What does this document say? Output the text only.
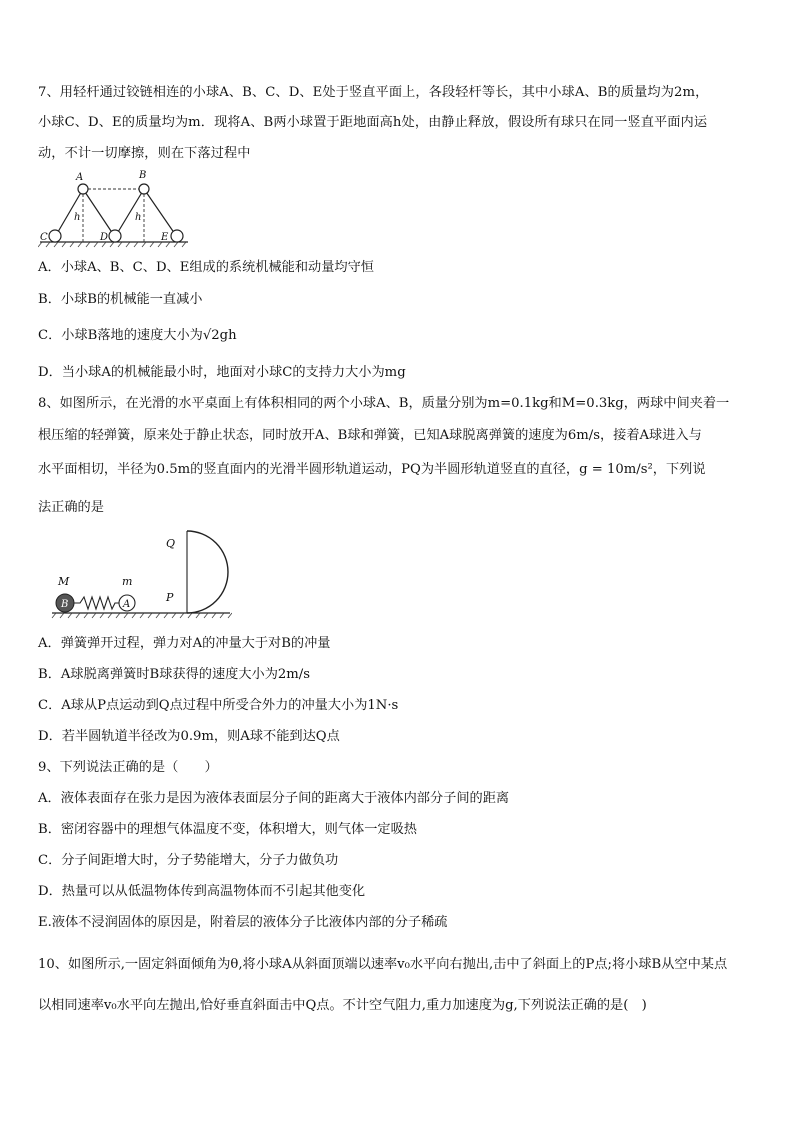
7、用轻杆通过铰链相连的小球A、B、C、D、E处于竖直平面上，各段轻杆等长，其中小球A、B的质量均为2m，
小球C、D、E的质量均为m．现将A、B两小球置于距地面高h处，由静止释放，假设所有球只在同一竖直平面内运
动，不计一切摩擦，则在下落过程中
A	B
C	D	E
h	h
A．小球A、B、C、D、E组成的系统机械能和动量均守恒
B．小球B的机械能一直减小
C．小球B落地的速度大小为√2gh
D．当小球A的机械能最小时，地面对小球C的支持力大小为mg
8、如图所示，在光滑的水平桌面上有体积相同的两个小球A、B，质量分别为m=0.1kg和M=0.3kg，两球中间夹着一
根压缩的轻弹簧，原来处于静止状态，同时放开A、B球和弹簧，已知A球脱离弹簧的速度为6m/s，接着A球进入与
水平面相切，半径为0.5m的竖直面内的光滑半圆形轨道运动，PQ为半圆形轨道竖直的直径，g = 10m/s²，下列说
法正确的是
B	A
M	m
Q
P
A．弹簧弹开过程，弹力对A的冲量大于对B的冲量
B．A球脱离弹簧时B球获得的速度大小为2m/s
C．A球从P点运动到Q点过程中所受合外力的冲量大小为1N·s
D．若半圆轨道半径改为0.9m，则A球不能到达Q点
9、下列说法正确的是（　　）
A．液体表面存在张力是因为液体表面层分子间的距离大于液体内部分子间的距离
B．密闭容器中的理想气体温度不变，体积增大，则气体一定吸热
C．分子间距增大时，分子势能增大，分子力做负功
D．热量可以从低温物体传到高温物体而不引起其他变化
E.液体不浸润固体的原因是，附着层的液体分子比液体内部的分子稀疏
10、如图所示,一固定斜面倾角为θ,将小球A从斜面顶端以速率v₀水平向右抛出,击中了斜面上的P点;将小球B从空中某点
以相同速率v₀水平向左抛出,恰好垂直斜面击中Q点。不计空气阻力,重力加速度为g,下列说法正确的是(　)
